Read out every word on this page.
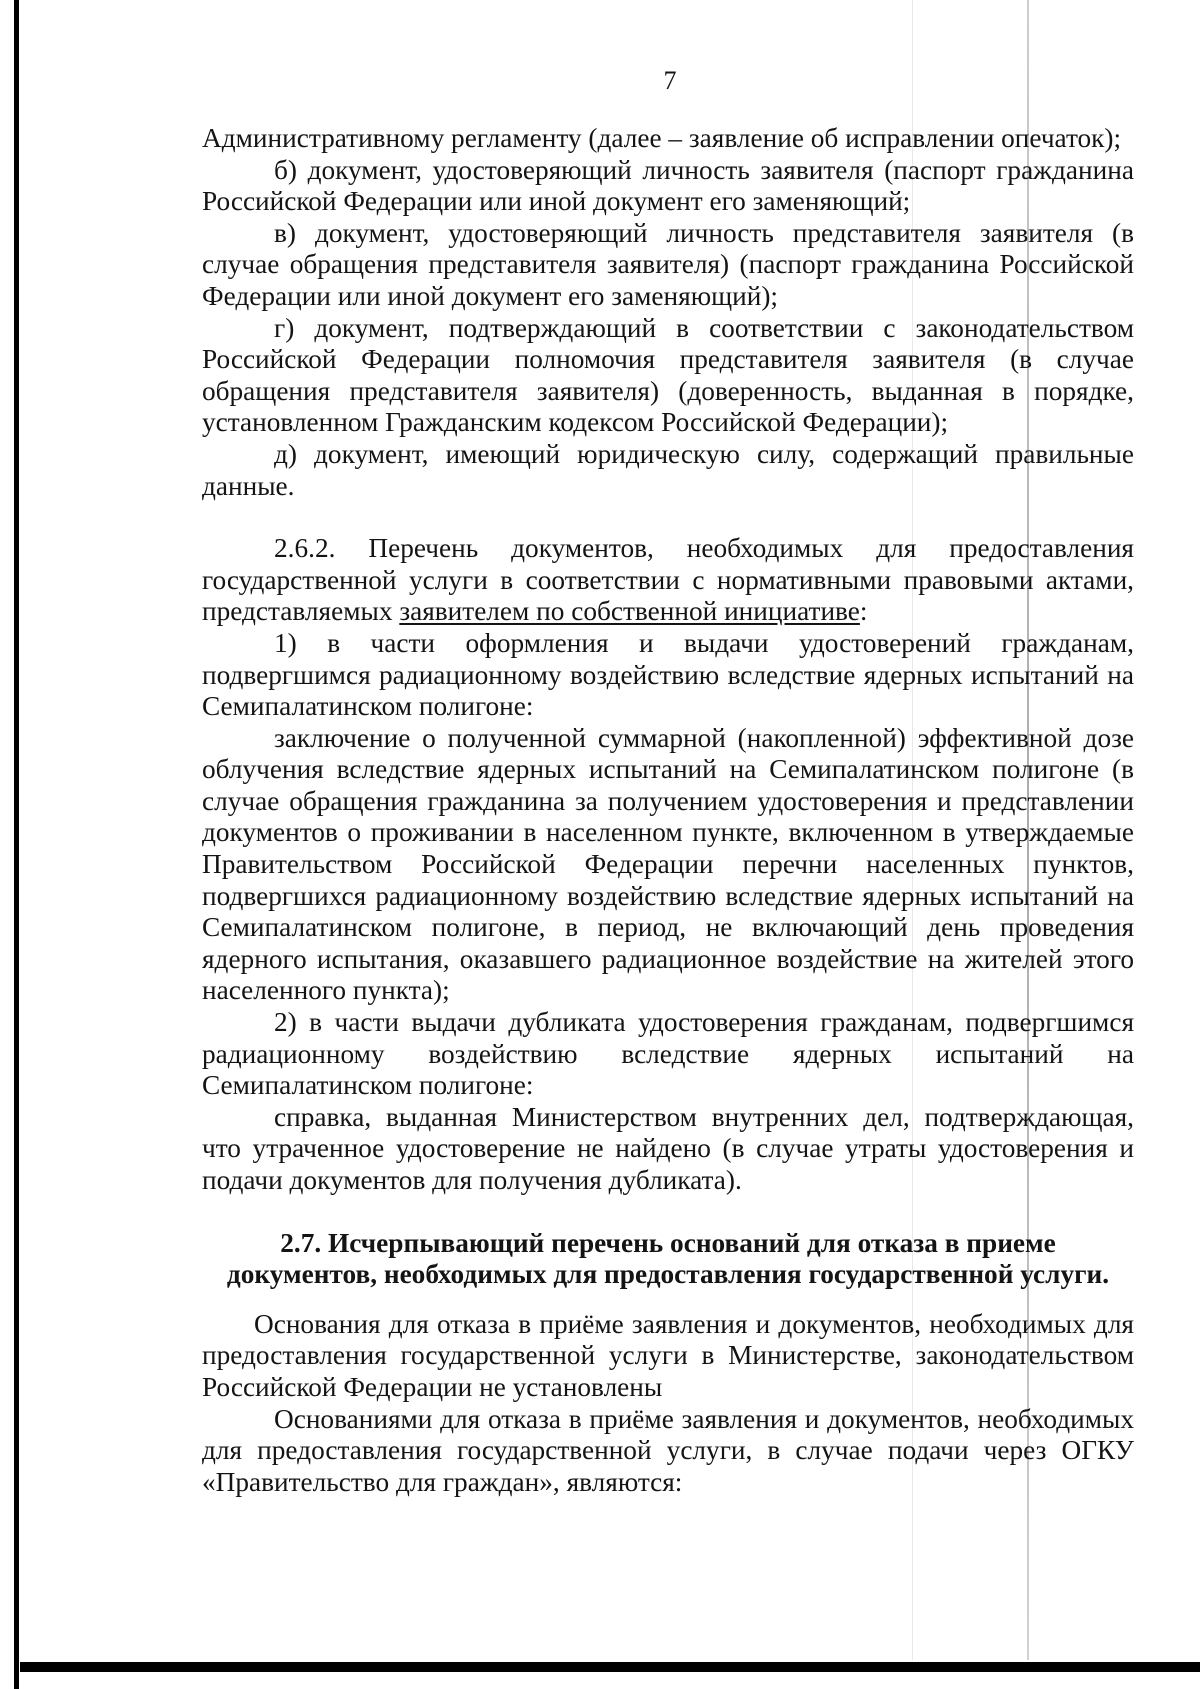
7

Административному регламенту (далее – заявление об исправлении опечаток);

б) документ, удостоверяющий личность заявителя (паспорт гражданина Российской Федерации или иной документ его заменяющий;

в) документ, удостоверяющий личность представителя заявителя (в случае обращения представителя заявителя) (паспорт гражданина Российской Федерации или иной документ его заменяющий);

г) документ, подтверждающий в соответствии с законодательством Российской Федерации полномочия представителя заявителя (в случае обращения представителя заявителя) (доверенность, выданная в порядке, установленном Гражданским кодексом Российской Федерации);

д) документ, имеющий юридическую силу, содержащий правильные данные.

2.6.2. Перечень документов, необходимых для предоставления государственной услуги в соответствии с нормативными правовыми актами, представляемых заявителем по собственной инициативе:

1) в части оформления и выдачи удостоверений гражданам, подвергшимся радиационному воздействию вследствие ядерных испытаний на Семипалатинском полигоне:

заключение о полученной суммарной (накопленной) эффективной дозе облучения вследствие ядерных испытаний на Семипалатинском полигоне (в случае обращения гражданина за получением удостоверения и представлении документов о проживании в населенном пункте, включенном в утверждаемые Правительством Российской Федерации перечни населенных пунктов, подвергшихся радиационному воздействию вследствие ядерных испытаний на Семипалатинском полигоне, в период, не включающий день проведения ядерного испытания, оказавшего радиационное воздействие на жителей этого населенного пункта);

2) в части выдачи дубликата удостоверения гражданам, подвергшимся радиационному воздействию вследствие ядерных испытаний на Семипалатинском полигоне:

справка, выданная Министерством внутренних дел, подтверждающая, что утраченное удостоверение не найдено (в случае утраты удостоверения и подачи документов для получения дубликата).

2.7. Исчерпывающий перечень оснований для отказа в приеме
документов, необходимых для предоставления государственной услуги.

Основания для отказа в приёме заявления и документов, необходимых для предоставления государственной услуги в Министерстве, законодательством Российской Федерации не установлены

Основаниями для отказа в приёме заявления и документов, необходимых для предоставления государственной услуги, в случае подачи через ОГКУ «Правительство для граждан», являются:
